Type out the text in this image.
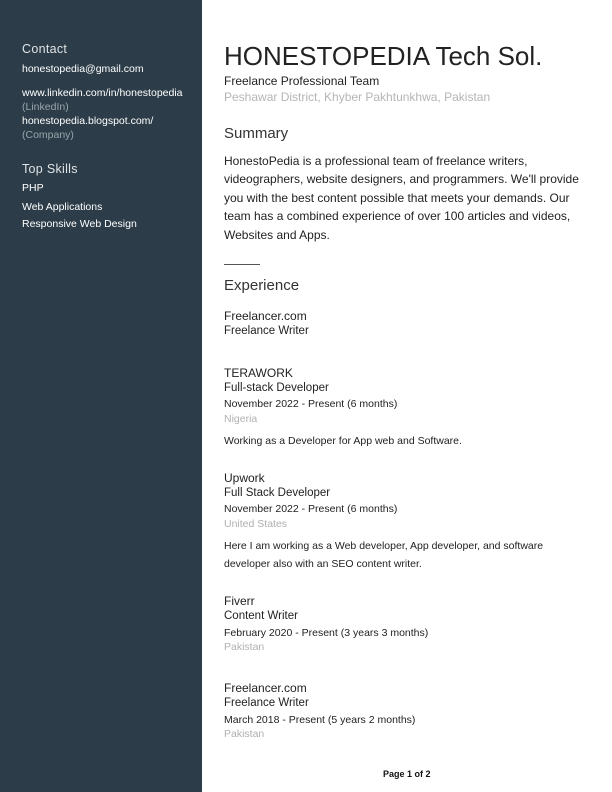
Contact
honestopedia@gmail.com
www.linkedin.com/in/honestopedia
(LinkedIn)
honestopedia.blogspot.com/
(Company)
Top Skills
PHP
Web Applications
Responsive Web Design
HONESTOPEDIA Tech Sol.
Freelance Professional Team
Peshawar District, Khyber Pakhtunkhwa, Pakistan
Summary
HonestoPedia is a professional team of freelance writers, videographers, website designers, and programmers. We'll provide you with the best content possible that meets your demands. Our team has a combined experience of over 100 articles and videos, Websites and Apps.
Experience
Freelancer.com
Freelance Writer
TERAWORK
Full-stack Developer
November 2022 - Present (6 months)
Nigeria
Working as a Developer for App web and Software.
Upwork
Full Stack Developer
November 2022 - Present (6 months)
United States
Here I am working as a Web developer, App developer, and software
developer also with an SEO content writer.
Fiverr
Content Writer
February 2020 - Present (3 years 3 months)
Pakistan
Freelancer.com
Freelance Writer
March 2018 - Present (5 years 2 months)
Pakistan
Page 1 of 2
